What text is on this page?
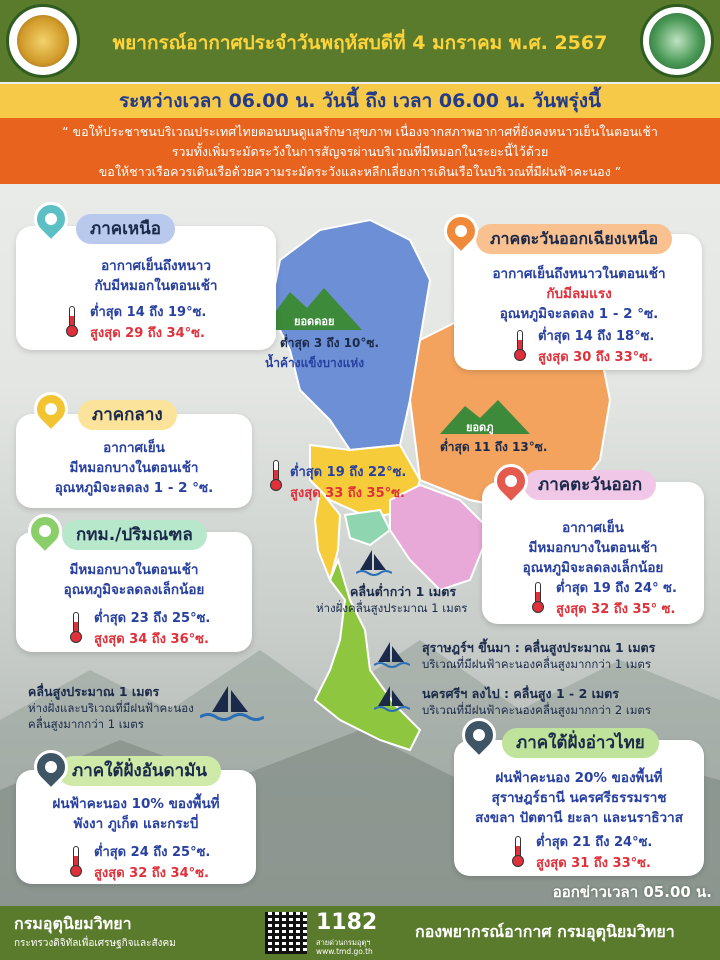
พยากรณ์อากาศประจำวันพฤหัสบดีที่ 4 มกราคม พ.ศ. 2567
ระหว่างเวลา 06.00 น. วันนี้ ถึง เวลา 06.00 น. วันพรุ่งนี้
“ ขอให้ประชาชนบริเวณประเทศไทยตอนบนดูแลรักษาสุขภาพ เนื่องจากสภาพอากาศที่ยังคงหนาวเย็นในตอนเช้า
รวมทั้งเพิ่มระมัดระวังในการสัญจรผ่านบริเวณที่มีหมอกในระยะนี้ไว้ด้วย
ขอให้ชาวเรือควรเดินเรือด้วยความระมัดระวังและหลีกเลี่ยงการเดินเรือในบริเวณที่มีฝนฟ้าคะนอง ”
ยอดดอย
ต่ำสุด 3 ถึง 10°ซ.
น้ำค้างแข็งบางแห่ง
ยอดภู
ต่ำสุด 11 ถึง 13°ซ.
ต่ำสุด 19 ถึง 22°ซ.
สูงสุด 33 ถึง 35°ซ.
ภาคเหนือ
อากาศเย็นถึงหนาว
กับมีหมอกในตอนเช้า
ต่ำสุด 14 ถึง 19°ซ.
สูงสุด 29 ถึง 34°ซ.
ภาคตะวันออกเฉียงเหนือ
อากาศเย็นถึงหนาวในตอนเช้า
กับมีลมแรง
อุณหภูมิจะลดลง 1 - 2 °ซ.
ต่ำสุด 14 ถึง 18°ซ.
สูงสุด 30 ถึง 33°ซ.
ภาคกลาง
อากาศเย็น
มีหมอกบางในตอนเช้า
อุณหภูมิจะลดลง 1 - 2 °ซ.
กทม./ปริมณฑล
มีหมอกบางในตอนเช้า
อุณหภูมิจะลดลงเล็กน้อย
ต่ำสุด 23 ถึง 25°ซ.
สูงสุด 34 ถึง 36°ซ.
ภาคตะวันออก
อากาศเย็น
มีหมอกบางในตอนเช้า
อุณหภูมิจะลดลงเล็กน้อย
ต่ำสุด 19 ถึง 24° ซ.
สูงสุด 32 ถึง 35° ซ.
คลื่นต่ำกว่า 1 เมตร
ห่างฝั่งคลื่นสูงประมาณ 1 เมตร
สุราษฎร์ฯ ขึ้นมา : คลื่นสูงประมาณ 1 เมตร
บริเวณที่มีฝนฟ้าคะนองคลื่นสูงมากกว่า 1 เมตร
นครศรีฯ ลงไป : คลื่นสูง 1 - 2 เมตร
บริเวณที่มีฝนฟ้าคะนองคลื่นสูงมากกว่า 2 เมตร
คลื่นสูงประมาณ 1 เมตร
ห่างฝั่งและบริเวณที่มีฝนฟ้าคะนอง
คลื่นสูงมากกว่า 1 เมตร
ภาคใต้ฝั่งอันดามัน
ฝนฟ้าคะนอง 10% ของพื้นที่
พังงา ภูเก็ต และกระบี่
ต่ำสุด 24 ถึง 25°ซ.
สูงสุด 32 ถึง 34°ซ.
ภาคใต้ฝั่งอ่าวไทย
ฝนฟ้าคะนอง 20% ของพื้นที่
สุราษฎร์ธานี นครศรีธรรมราช
สงขลา ปัตตานี ยะลา และนราธิวาส
ต่ำสุด 21 ถึง 24°ซ.
สูงสุด 31 ถึง 33°ซ.
ออกข่าวเวลา 05.00 น.
กรมอุตุนิยมวิทยา
กระทรวงดิจิทัลเพื่อเศรษฐกิจและสังคม
1182
สายด่วนกรมอุตุฯ
www.tmd.go.th
กองพยากรณ์อากาศ กรมอุตุนิยมวิทยา
